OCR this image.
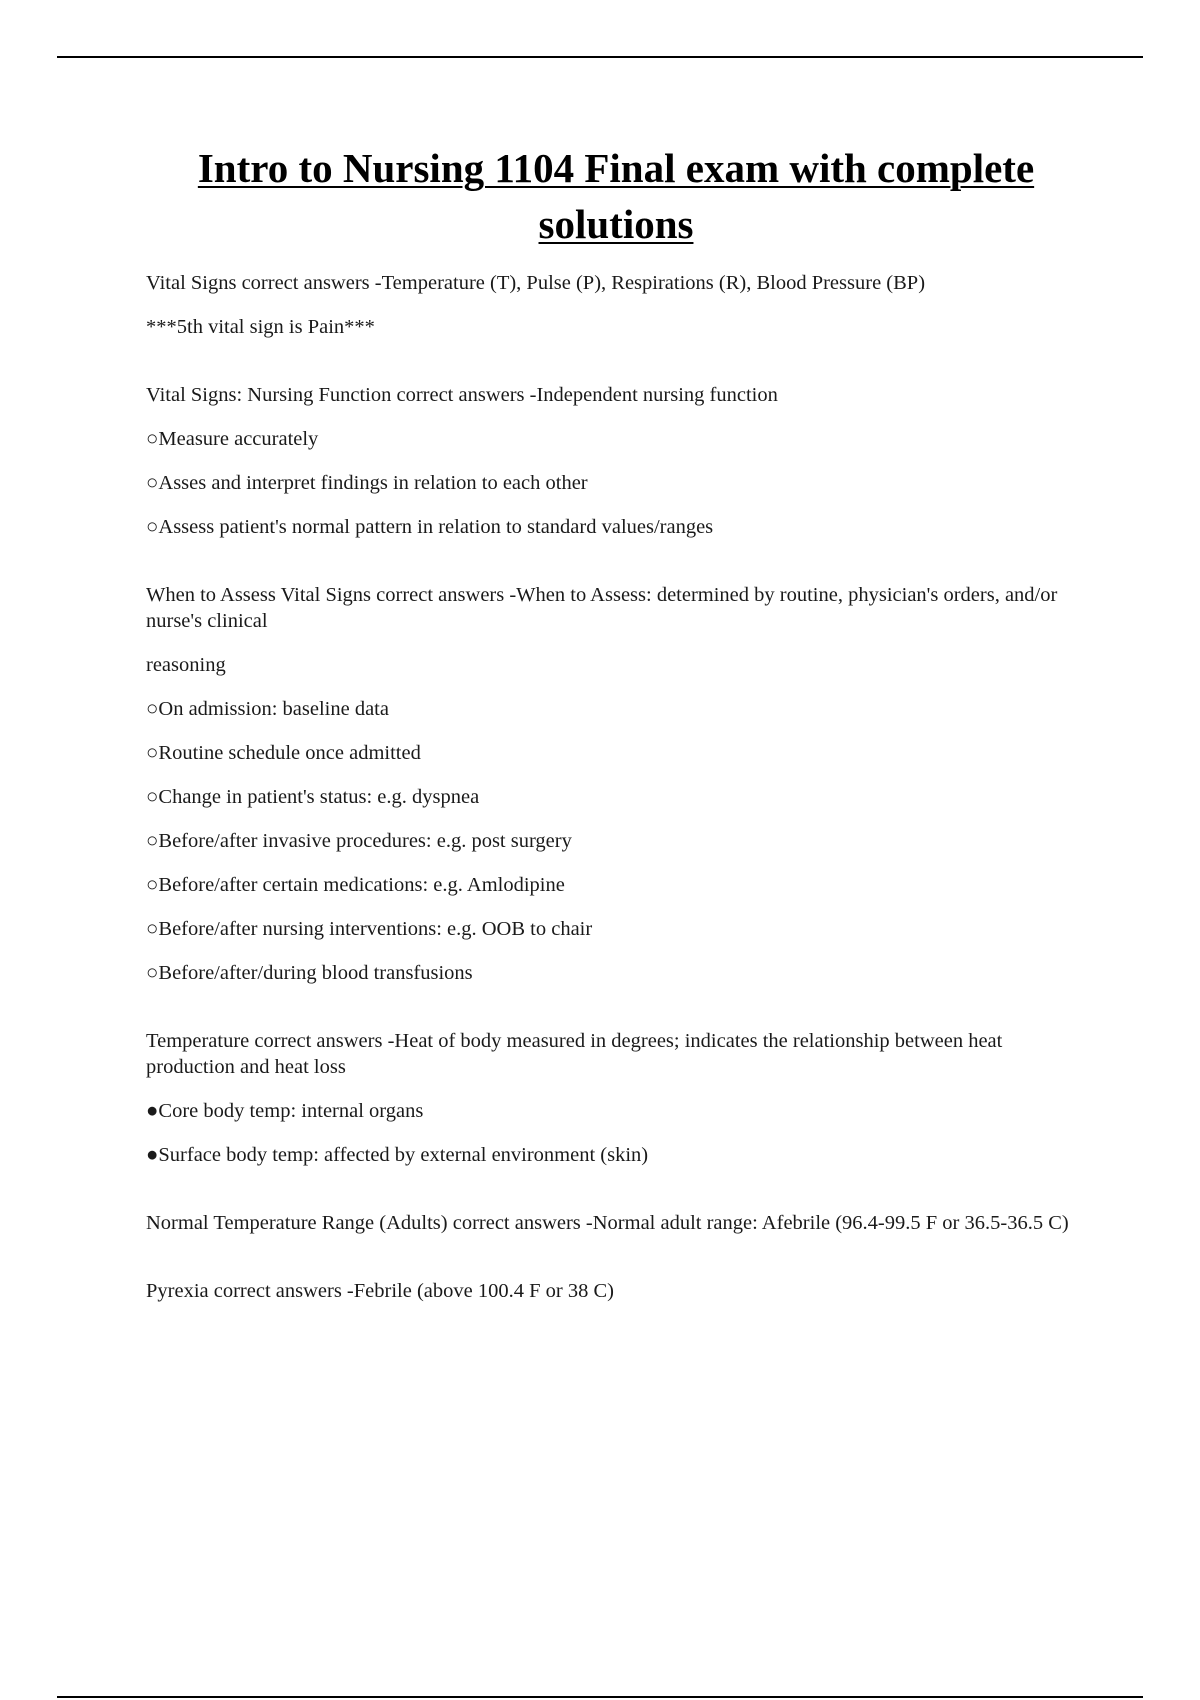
Intro to Nursing 1104 Final exam with complete
solutions
Vital Signs correct answers -Temperature (T), Pulse (P), Respirations (R), Blood Pressure (BP)
***5th vital sign is Pain***
Vital Signs: Nursing Function correct answers -Independent nursing function
○Measure accurately
○Asses and interpret findings in relation to each other
○Assess patient's normal pattern in relation to standard values/ranges
When to Assess Vital Signs correct answers -When to Assess: determined by routine, physician's orders, and/or nurse's clinical
reasoning
○On admission: baseline data
○Routine schedule once admitted
○Change in patient's status: e.g. dyspnea
○Before/after invasive procedures: e.g. post surgery
○Before/after certain medications: e.g. Amlodipine
○Before/after nursing interventions: e.g. OOB to chair
○Before/after/during blood transfusions
Temperature correct answers -Heat of body measured in degrees; indicates the relationship between heat production and heat loss
●Core body temp: internal organs
●Surface body temp: affected by external environment (skin)
Normal Temperature Range (Adults) correct answers -Normal adult range: Afebrile (96.4-99.5 F or 36.5-36.5 C)
Pyrexia correct answers -Febrile (above 100.4 F or 38 C)
